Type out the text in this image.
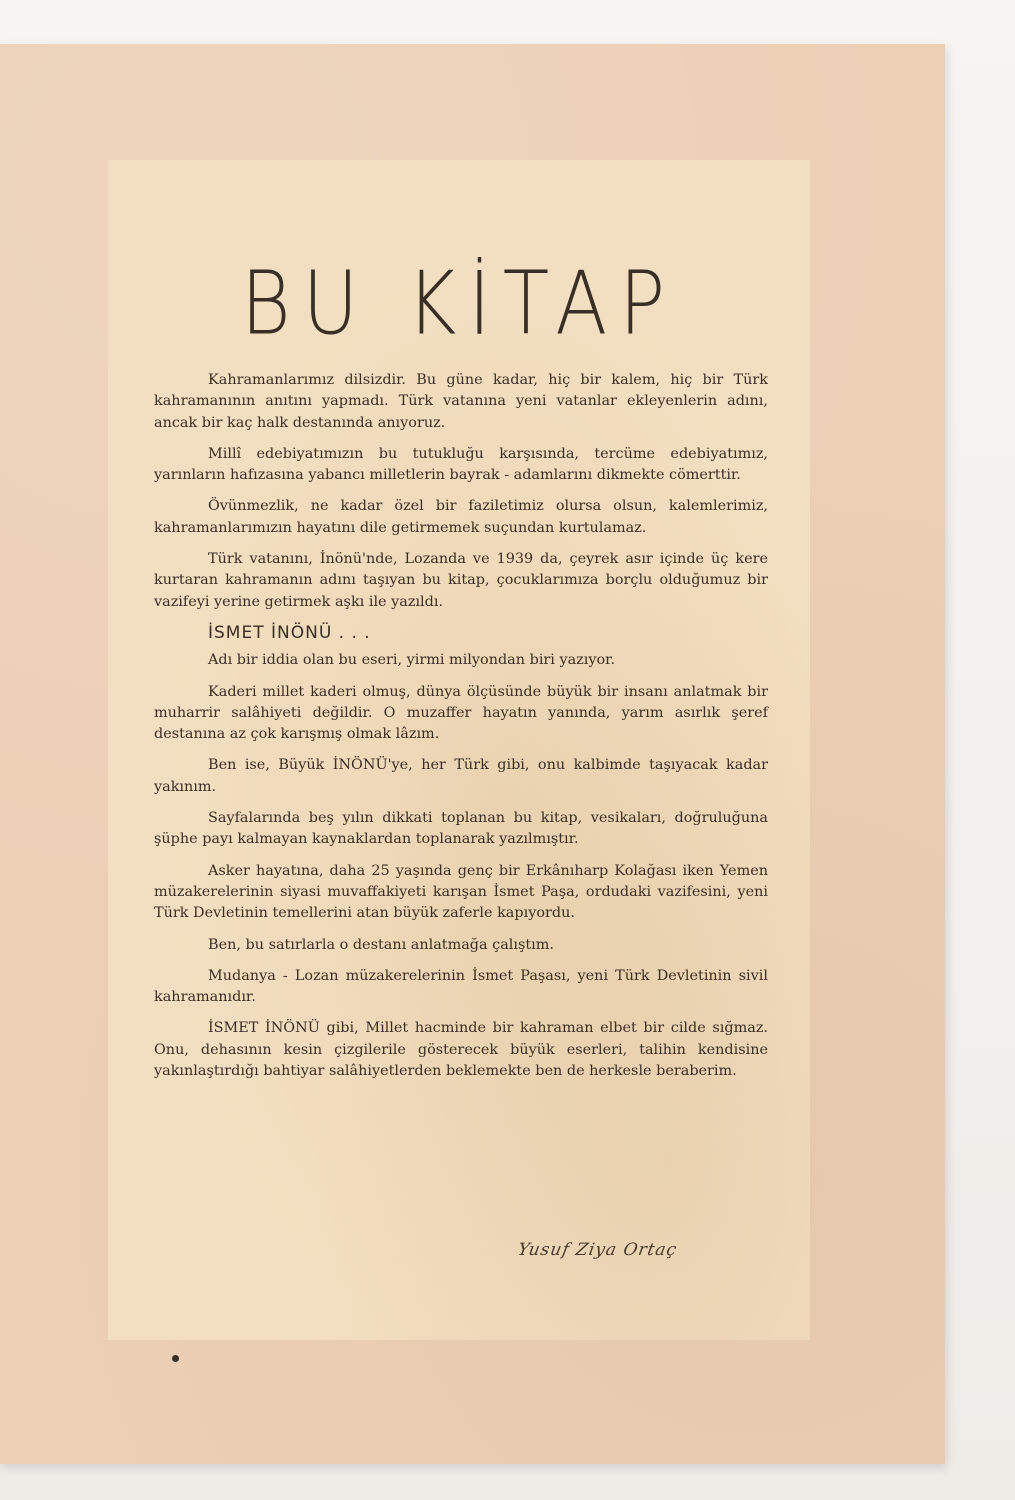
BU KİTAP

Kahramanlarımız dilsizdir. Bu güne kadar, hiç bir kalem, hiç bir Türk kahramanının anıtını yapmadı. Türk vatanına yeni vatanlar ekleyenlerin adını, ancak bir kaç halk destanında anıyoruz.

Millî edebiyatımızın bu tutukluğu karşısında, tercüme edebiyatımız, yarınların hafızasına yabancı milletlerin bayrak - adamlarını dikmekte cömerttir.

Övünmezlik, ne kadar özel bir faziletimiz olursa olsun, kalemlerimiz, kahramanlarımızın hayatını dile getirmemek suçundan kurtulamaz.

Türk vatanını, İnönü'nde, Lozanda ve 1939 da, çeyrek asır içinde üç kere kurtaran kahramanın adını taşıyan bu kitap, çocuklarımıza borçlu olduğumuz bir vazifeyi yerine getirmek aşkı ile yazıldı.

İSMET İNÖNÜ . . .

Adı bir iddia olan bu eseri, yirmi milyondan biri yazıyor.

Kaderi millet kaderi olmuş, dünya ölçüsünde büyük bir insanı anlatmak bir muharrir salâhiyeti değildir. O muzaffer hayatın yanında, yarım asırlık şeref destanına az çok karışmış olmak lâzım.

Ben ise, Büyük İNÖNÜ'ye, her Türk gibi, onu kalbimde taşıyacak kadar yakınım.

Sayfalarında beş yılın dikkati toplanan bu kitap, vesikaları, doğruluğuna şüphe payı kalmayan kaynaklardan toplanarak yazılmıştır.

Asker hayatına, daha 25 yaşında genç bir Erkânıharp Kolağası iken Yemen müzakerelerinin siyasi muvaffakiyeti karışan İsmet Paşa, ordudaki vazifesini, yeni Türk Devletinin temellerini atan büyük zaferle kapıyordu.

Ben, bu satırlarla o destanı anlatmağa çalıştım.

Mudanya - Lozan müzakerelerinin İsmet Paşası, yeni Türk Devletinin sivil kahramanıdır.

İSMET İNÖNÜ gibi, Millet hacminde bir kahraman elbet bir cilde sığmaz. Onu, dehasının kesin çizgilerile gösterecek büyük eserleri, talihin kendisine yakınlaştırdığı bahtiyar salâhiyetlerden beklemekte ben de herkesle beraberim.

Yusuf Ziya Ortaç
